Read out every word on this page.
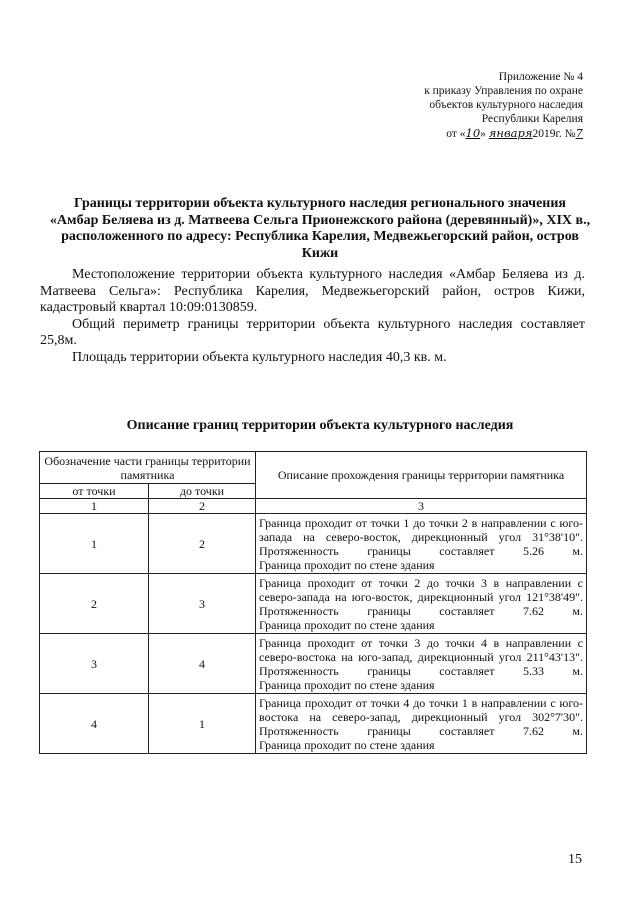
Приложение № 4
к приказу Управления по охране
объектов культурного наследия
Республики Карелия
от «10» января2019г. №7
Границы территории объекта культурного наследия регионального значения
«Амбар Беляева из д. Матвеева Сельга Прионежского района (деревянный)», XIX в.,
расположенного по адресу: Республика Карелия, Медвежьегорский район, остров
Кижи

Местоположение территории объекта культурного наследия «Амбар Беляева из д. Матвеева Сельга»: Республика Карелия, Медвежьегорский район, остров Кижи, кадастровый квартал 10:09:0130859.

Общий периметр границы территории объекта культурного наследия составляет 25,8м.

Площадь территории объекта культурного наследия 40,3 кв. м.

Описание границ территории объекта культурного наследия
Обозначение части границы территории памятника		Описание прохождения границы территории памятника
от точки	до точки	
1	2	3
1	2	Граница проходит от точки 1 до точки 2 в направлении с юго-запада на северо-восток, дирекционный угол 31°38'10". Протяженность границы составляет 5.26 м.
Граница проходит по стене здания

2	3	Граница проходит от точки 2 до точки 3 в направлении с северо-запада на юго-восток, дирекционный угол 121°38'49". Протяженность границы составляет 7.62 м.
Граница проходит по стене здания

3	4	Граница проходит от точки 3 до точки 4 в направлении с северо-востока на юго-запад, дирекционный угол 211°43'13". Протяженность границы составляет 5.33 м.
Граница проходит по стене здания

4	1	Граница проходит от точки 4 до точки 1 в направлении с юго-востока на северо-запад, дирекционный угол 302°7'30". Протяженность границы составляет 7.62 м.
Граница проходит по стене здания
15
